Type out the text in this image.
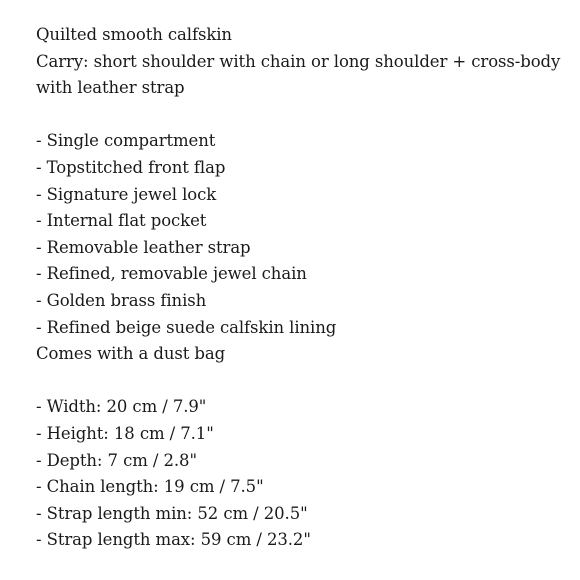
Quilted smooth calfskin
Carry: short shoulder with chain or long shoulder + cross-body
with leather strap
- Single compartment
- Topstitched front flap
- Signature jewel lock
- Internal flat pocket
- Removable leather strap
- Refined, removable jewel chain
- Golden brass finish
- Refined beige suede calfskin lining
Comes with a dust bag
- Width: 20 cm / 7.9"
- Height: 18 cm / 7.1"
- Depth: 7 cm / 2.8"
- Chain length: 19 cm / 7.5"
- Strap length min: 52 cm / 20.5"
- Strap length max: 59 cm / 23.2"
